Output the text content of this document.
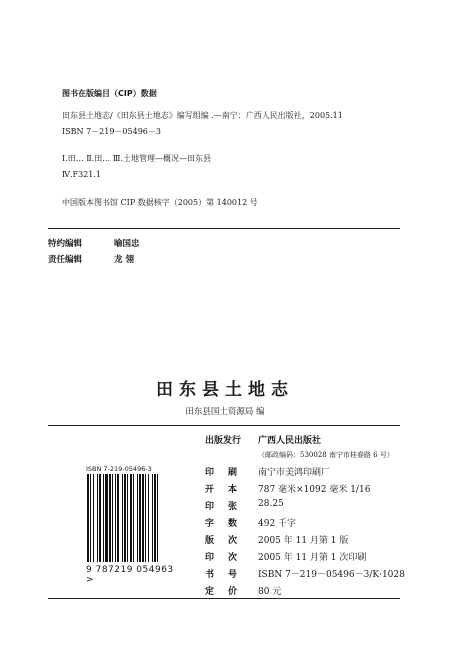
图书在版编目（CIP）数据
田东县土地志/《田东县土地志》编写组编 .—南宁：广西人民出版社，2005.11
ISBN 7－219－05496－3
Ⅰ.田… Ⅱ.田… Ⅲ.土地管理—概况—田东县
Ⅳ.F321.1
中国版本图书馆 CIP 数据核字（2005）第 140012 号
特约编辑	喻国忠
责任编辑	龙 翎
田东县土地志
田东县国土资源局 编
出版发行 广西人民出版社
（邮政编码：530028 南宁市桂春路 6 号）
印刷 南宁市美鸿印刷厂
开本 787 毫米×1092 毫米 1/16
印张 28.25
字数 492 千字
版次 2005 年 11 月第 1 版
印次 2005 年 11 月第 1 次印刷
书号 ISBN 7－219－05496－3/K·1028
定价 80 元
ISBN 7-219-05496-3
9 787219 054963 >
